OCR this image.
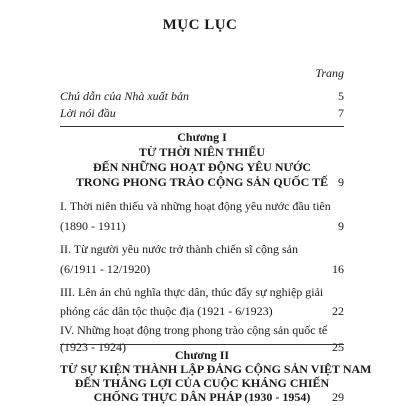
MỤC LỤC
Trang
Chú dẫn của Nhà xuất bản	5
Lời nói đầu	7
Chương I
TỪ THỜI NIÊN THIẾU
ĐẾN NHỮNG HOẠT ĐỘNG YÊU NƯỚC
TRONG PHONG TRÀO CỘNG SẢN QUỐC TẾ 9
I. Thời niên thiếu và những hoạt động yêu nước đầu tiên
(1890 - 1911)	9
II. Từ người yêu nước trở thành chiến sĩ cộng sản
(6/1911 - 12/1920)	16
III. Lên án chủ nghĩa thực dân, thúc đẩy sự nghiệp giải
phóng các dân tộc thuộc địa (1921 - 6/1923)	22
IV. Những hoạt động trong phong trào cộng sản quốc tế
(1923 - 1924)	25
Chương II
TỪ SỰ KIỆN THÀNH LẬP ĐẢNG CỘNG SẢN VIỆT NAM
ĐẾN THẮNG LỢI CỦA CUỘC KHÁNG CHIẾN
CHỐNG THỰC DÂN PHÁP (1930 - 1954)	29
